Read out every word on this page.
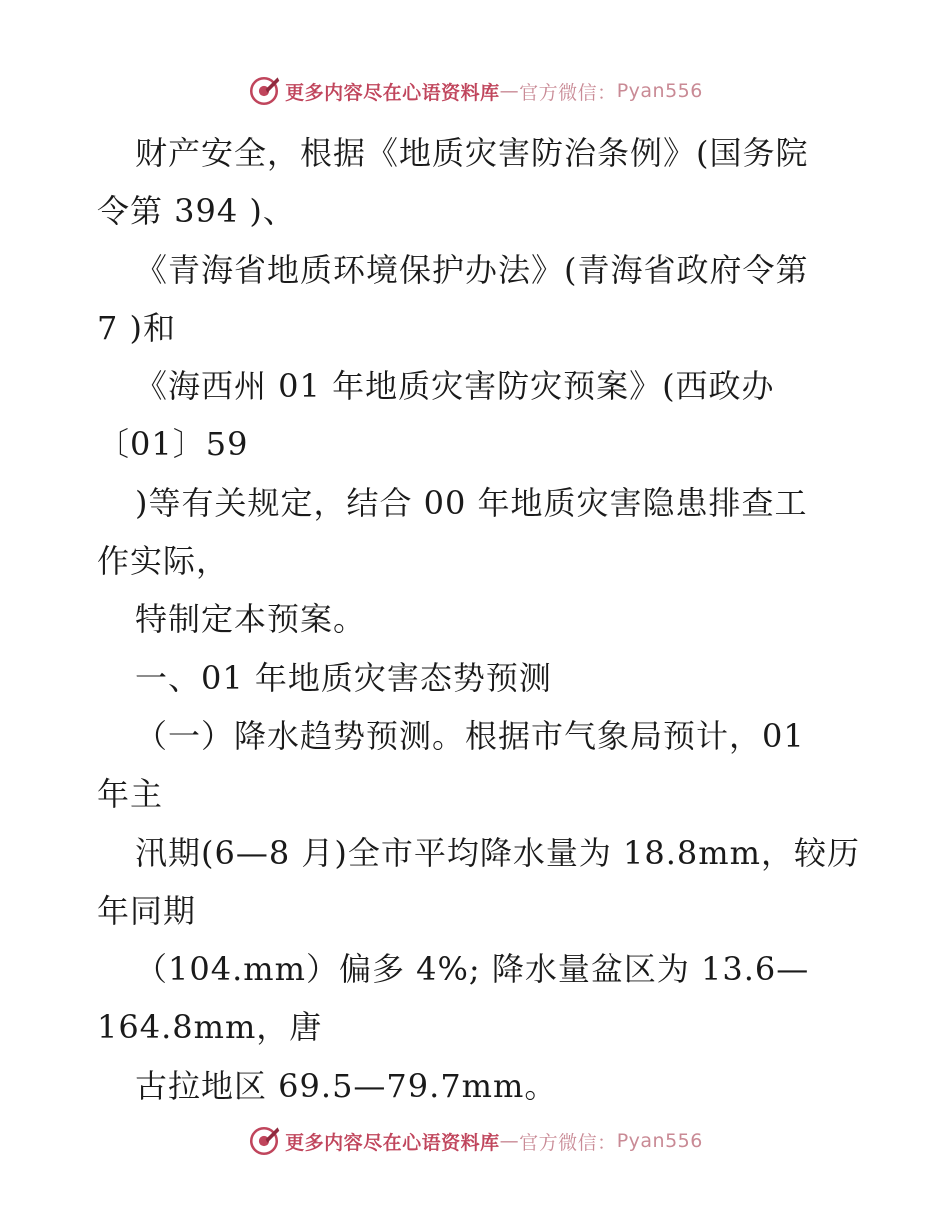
更多内容尽在心语资料库 — 官方微信： Pyan556
财产安全，根据《地质灾害防治条例》(国务院
令第 394 )、
《青海省地质环境保护办法》(青海省政府令第
7 )和
《海西州 01 年地质灾害防灾预案》(西政办
〔01〕59
)等有关规定，结合 00 年地质灾害隐患排查工
作实际，
特制定本预案。
一、01 年地质灾害态势预测
（一）降水趋势预测。根据市气象局预计，01
年主
汛期(6—8 月)全市平均降水量为 18.8mm，较历
年同期
（104.mm）偏多 4%; 降水量盆区为 13.6—
164.8mm，唐
古拉地区 69.5—79.7mm。
更多内容尽在心语资料库 — 官方微信： Pyan556
